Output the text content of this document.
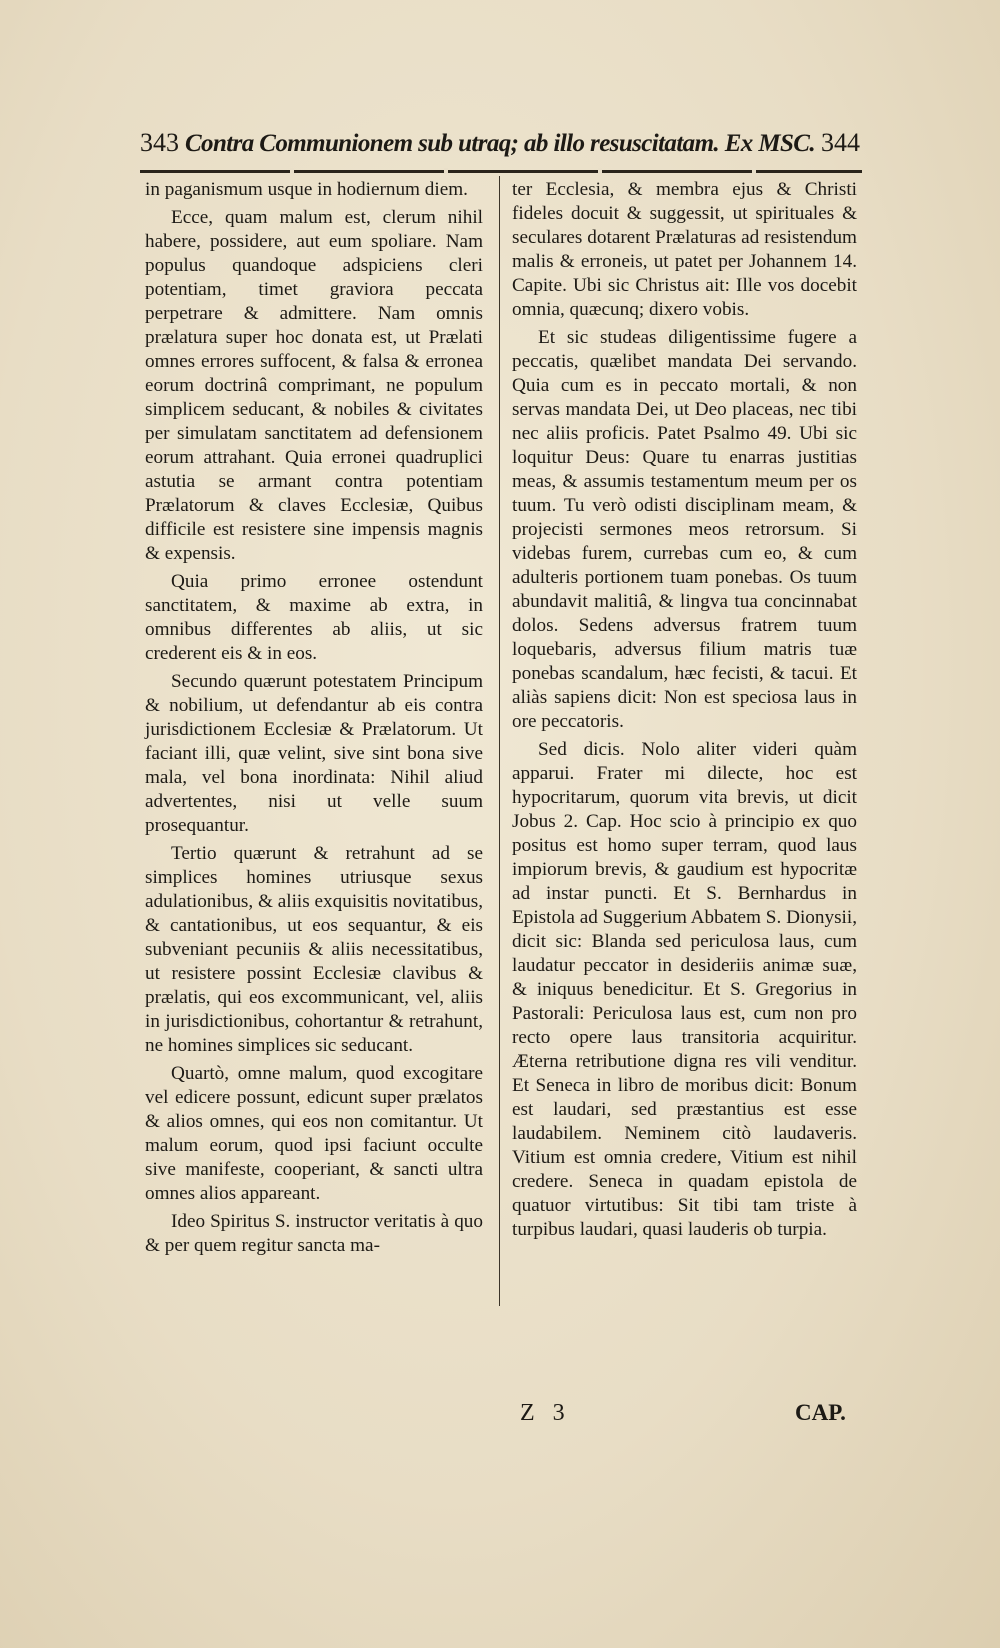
343 Contra Communionem sub utraq; ab illo resuscitatam. Ex MSC. 344

in paganismum usque in hodiernum diem.

Ecce, quam malum est, clerum nihil habere, possidere, aut eum spoliare. Nam populus quandoque adspiciens cleri potentiam, timet graviora peccata perpetrare & admittere. Nam omnis prælatura super hoc donata est, ut Prælati omnes errores suffocent, & falsa & erronea eorum doctrinâ comprimant, ne populum simplicem seducant, & nobiles & civitates per simulatam sanctitatem ad defensionem eorum attrahant. Quia erronei quadruplici astutia se armant contra potentiam Prælatorum & claves Ecclesiæ, Quibus difficile est resistere sine impensis magnis & expensis.

Quia primo erronee ostendunt sanctitatem, & maxime ab extra, in omnibus differentes ab aliis, ut sic crederent eis & in eos.

Secundo quærunt potestatem Principum & nobilium, ut defendantur ab eis contra jurisdictionem Ecclesiæ & Prælatorum. Ut faciant illi, quæ velint, sive sint bona sive mala, vel bona inordinata: Nihil aliud advertentes, nisi ut velle suum prosequantur.

Tertio quærunt & retrahunt ad se simplices homines utriusque sexus adulationibus, & aliis exquisitis novitatibus, & cantationibus, ut eos sequantur, & eis subveniant pecuniis & aliis necessitatibus, ut resistere possint Ecclesiæ clavibus & prælatis, qui eos excommunicant, vel, aliis in jurisdictionibus, cohortantur & retrahunt, ne homines simplices sic seducant.

Quartò, omne malum, quod excogitare vel edicere possunt, edicunt super prælatos & alios omnes, qui eos non comitantur. Ut malum eorum, quod ipsi faciunt occulte sive manifeste, cooperiant, & sancti ultra omnes alios appareant.

Ideo Spiritus S. instructor veritatis à quo & per quem regitur sancta ma-

ter Ecclesia, & membra ejus & Christi fideles docuit & suggessit, ut spirituales & seculares dotarent Prælaturas ad resistendum malis & erroneis, ut patet per Johannem 14. Capite. Ubi sic Christus ait: Ille vos docebit omnia, quæcunq; dixero vobis.

Et sic studeas diligentissime fugere a peccatis, quælibet mandata Dei servando. Quia cum es in peccato mortali, & non servas mandata Dei, ut Deo placeas, nec tibi nec aliis proficis. Patet Psalmo 49. Ubi sic loquitur Deus: Quare tu enarras justitias meas, & assumis testamentum meum per os tuum. Tu verò odisti disciplinam meam, & projecisti sermones meos retrorsum. Si videbas furem, currebas cum eo, & cum adulteris portionem tuam ponebas. Os tuum abundavit malitiâ, & lingva tua concinnabat dolos. Sedens adversus fratrem tuum loquebaris, adversus filium matris tuæ ponebas scandalum, hæc fecisti, & tacui. Et aliàs sapiens dicit: Non est speciosa laus in ore peccatoris.

Sed dicis. Nolo aliter videri quàm apparui. Frater mi dilecte, hoc est hypocritarum, quorum vita brevis, ut dicit Jobus 2. Cap. Hoc scio à principio ex quo positus est homo super terram, quod laus impiorum brevis, & gaudium est hypocritæ ad instar puncti. Et S. Bernhardus in Epistola ad Suggerium Abbatem S. Dionysii, dicit sic: Blanda sed periculosa laus, cum laudatur peccator in desideriis animæ suæ, & iniquus benedicitur. Et S. Gregorius in Pastorali: Periculosa laus est, cum non pro recto opere laus transitoria acquiritur. Æterna retributione digna res vili venditur. Et Seneca in libro de moribus dicit: Bonum est laudari, sed præstantius est esse laudabilem. Neminem citò laudaveris. Vitium est omnia credere, Vitium est nihil credere. Seneca in quadam epistola de quatuor virtutibus: Sit tibi tam triste à turpibus laudari, quasi lauderis ob turpia.

Z 3	CAP.
